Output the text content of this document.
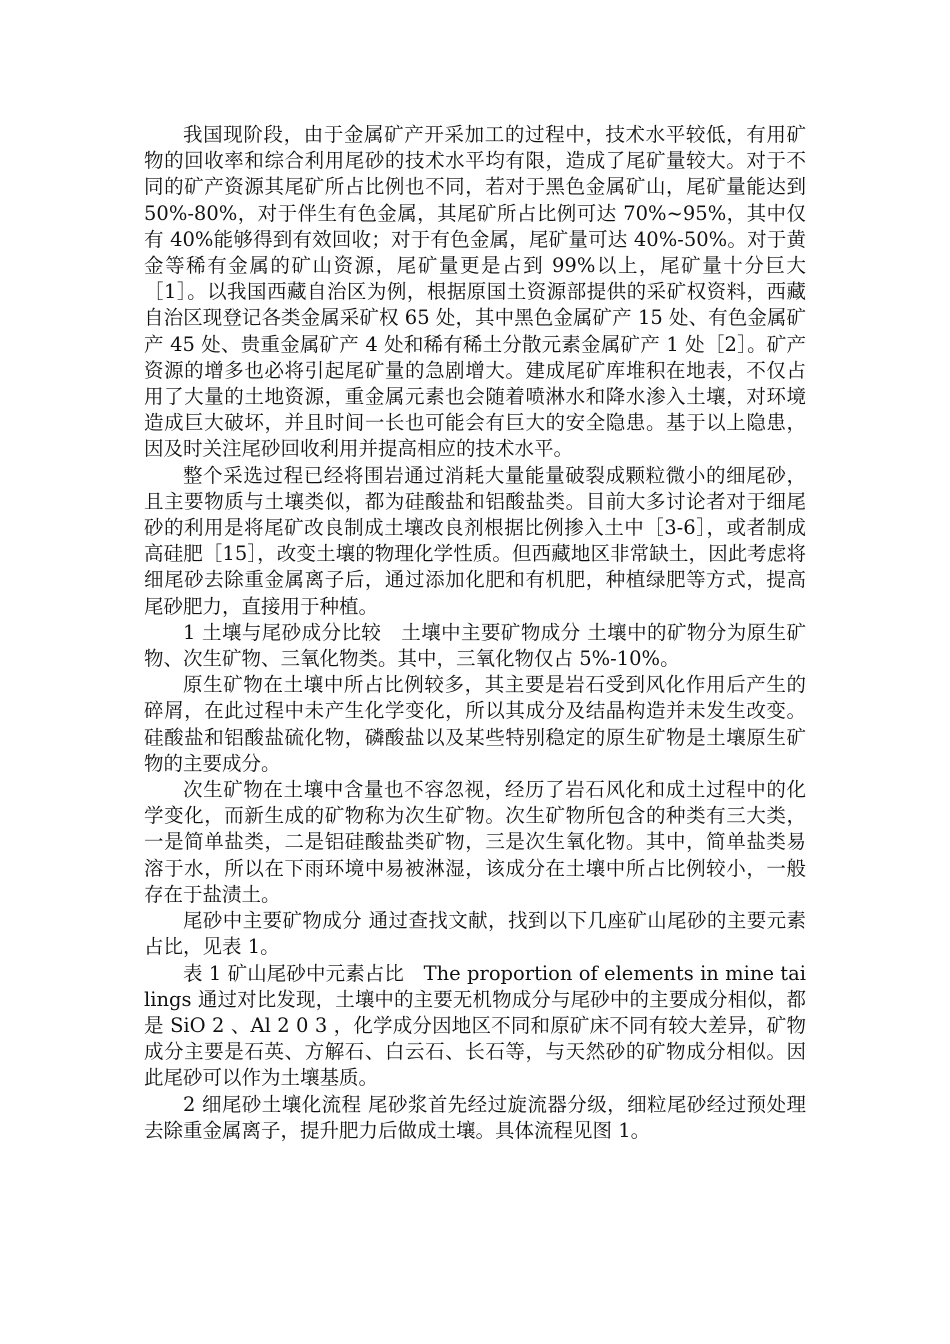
我国现阶段，由于金属矿产开采加工的过程中，技术水平较低，有用矿物的回收率和综合利用尾砂的技术水平均有限，造成了尾矿量较大。对于不同的矿产资源其尾矿所占比例也不同，若对于黑色金属矿山，尾矿量能达到 50%-80%，对于伴生有色金属，其尾矿所占比例可达 70%~95%，其中仅有 40%能够得到有效回收；对于有色金属，尾矿量可达 40%-50%。对于黄金等稀有金属的矿山资源，尾矿量更是占到 99%以上，尾矿量十分巨大［1］。以我国西藏自治区为例，根据原国土资源部提供的采矿权资料，西藏自治区现登记各类金属采矿权 65 处，其中黑色金属矿产 15 处、有色金属矿产 45 处、贵重金属矿产 4 处和稀有稀土分散元素金属矿产 1 处［2］。矿产资源的增多也必将引起尾矿量的急剧增大。建成尾矿库堆积在地表，不仅占用了大量的土地资源，重金属元素也会随着喷淋水和降水渗入土壤，对环境造成巨大破坏，并且时间一长也可能会有巨大的安全隐患。基于以上隐患，因及时关注尾砂回收利用并提高相应的技术水平。

整个采选过程已经将围岩通过消耗大量能量破裂成颗粒微小的细尾砂，且主要物质与土壤类似，都为硅酸盐和铝酸盐类。目前大多讨论者对于细尾砂的利用是将尾矿改良制成土壤改良剂根据比例掺入土中［3-6］，或者制成高硅肥［15］，改变土壤的物理化学性质。但西藏地区非常缺土，因此考虑将细尾砂去除重金属离子后，通过添加化肥和有机肥，种植绿肥等方式，提高尾砂肥力，直接用于种植。

1 土壤与尾砂成分比较　土壤中主要矿物成分 土壤中的矿物分为原生矿物、次生矿物、三氧化物类。其中，三氧化物仅占 5%-10%。

原生矿物在土壤中所占比例较多，其主要是岩石受到风化作用后产生的碎屑，在此过程中未产生化学变化，所以其成分及结晶构造并未发生改变。硅酸盐和铝酸盐硫化物，磷酸盐以及某些特别稳定的原生矿物是土壤原生矿物的主要成分。

次生矿物在土壤中含量也不容忽视，经历了岩石风化和成土过程中的化学变化，而新生成的矿物称为次生矿物。次生矿物所包含的种类有三大类，一是简单盐类，二是铝硅酸盐类矿物，三是次生氧化物。其中，简单盐类易溶于水，所以在下雨环境中易被淋湿，该成分在土壤中所占比例较小，一般存在于盐渍土。

尾砂中主要矿物成分 通过查找文献，找到以下几座矿山尾砂的主要元素占比，见表 1。

表 1 矿山尾砂中元素占比　The proportion of elements in mine tailings 通过对比发现，土壤中的主要无机物成分与尾砂中的主要成分相似，都是 SiO 2 、Al 2 0 3 ，化学成分因地区不同和原矿床不同有较大差异，矿物成分主要是石英、方解石、白云石、长石等，与天然砂的矿物成分相似。因此尾砂可以作为土壤基质。

2 细尾砂土壤化流程 尾砂浆首先经过旋流器分级，细粒尾砂经过预处理去除重金属离子，提升肥力后做成土壤。具体流程见图 1。
